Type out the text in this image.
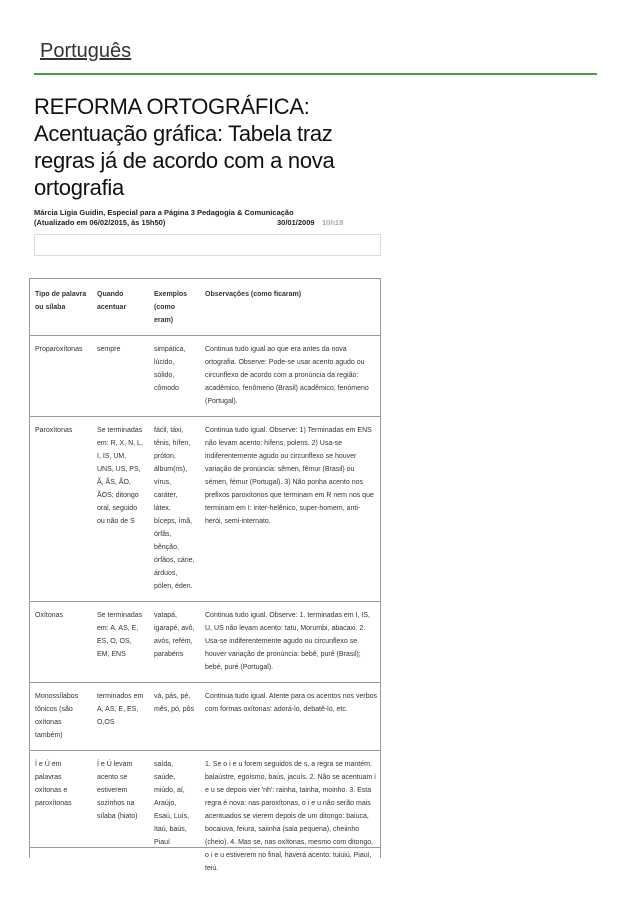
Português
REFORMA ORTOGRÁFICA: Acentuação gráfica: Tabela traz regras já de acordo com a nova ortografia
Márcia Lígia Guidin, Especial para a Página 3 Pedagogia & Comunicação
(Atualizado em 06/02/2015, às 15h50)	30/01/2009 10h19
Tipo de palavra ou sílaba	Quando acentuar	Exemplos (como eram)	Observações (como ficaram)
Proparoxítonas	sempre	simpática, lúcido, sólido, cômodo	Continua tudo igual ao que era antes da nova ortografia. Observe: Pode-se usar acento agudo ou circunflexo de acordo com a pronúncia da região: acadêmico, fenômeno (Brasil) acadêmico, fenómeno (Portugal).
Paroxítonas	Se terminadas em: R, X, N, L, I, IS, UM, UNS, US, PS, Ã, ÃS, ÃO, ÃOS; ditongo oral, seguido ou não de S	fácil, táxi, tênis, hífen, próton, álbum(ns), vírus, caráter, látex, bíceps, ímã, órfãs, bênção, órfãos, cárie, árduos, pólen, éden.	Continua tudo igual. Observe: 1) Terminadas em ENS não levam acento: hífens, polens. 2) Usa-se indiferentemente agudo ou circunflexo se houver variação de pronúncia: sêmen, fêmur (Brasil) ou sémen, fémur (Portugal). 3) Não ponha acento nos prefixos paroxítonos que terminam em R nem nos que terminam em I: inter-helênico, super-homem, anti-herói, semi-internato.
Oxítonas	Se terminadas em: A, AS, E, ES, O, OS, EM, ENS	vatapá, igarapé, avô, avós, refém, parabéns	Continua tudo igual. Observe: 1. terminadas em I, IS, U, US não levam acento: tatu, Morumbi, abacaxi. 2. Usa-se indiferentemente agudo ou circunflexo se houver variação de pronúncia: bebê, purê (Brasil); bebé, puré (Portugal).
Monossílabos tônicos (são oxítonas também)	terminados em A, AS, E, ES, O,OS	vá, pás, pé, mês, pó, pôs	Continua tudo igual. Atente para os acentos nos verbos com formas oxítonas: adorá-lo, debatê-lo, etc.
Í e Ú em palavras oxítonas e paroxítonas	Í e Ú levam acento se estiverem sozinhos na sílaba (hiato)	saída, saúde, miúdo, aí, Araújo, Esaú, Luís, Itaú, baús, Piauí	1. Se o i e u forem seguidos de s, a regra se mantém: balaústre, egoísmo, baús, jacuís. 2. Não se acentuam i e u se depois vier 'nh': rainha, tainha, moinho. 3. Esta regra é nova: nas paroxítonas, o i e u não serão mais acentuados se vierem depois de um ditongo: baiuca, bocaiuva, feiura, saiinha (saia pequena), cheiinho (cheio). 4. Mas se, nas oxítonas, mesmo com ditongo, o i e u estiverem no final, haverá acento: tuiuiú, Piauí, teiú.
